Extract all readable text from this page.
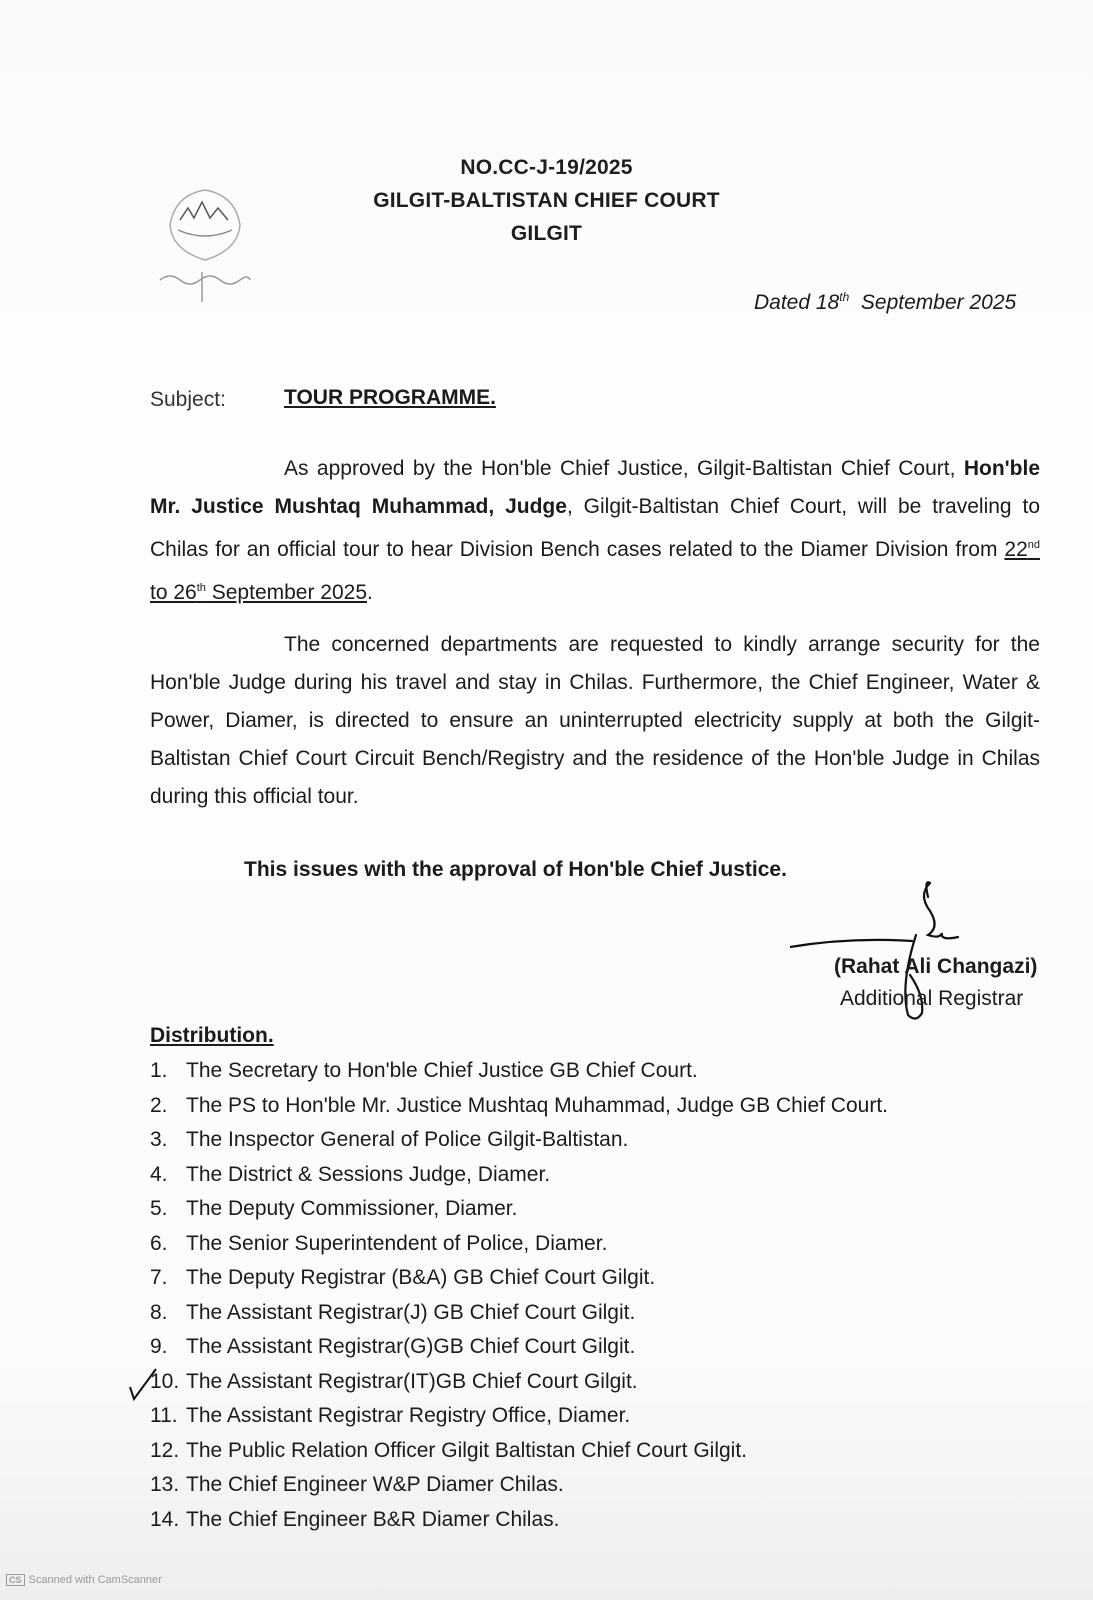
NO.CC-J-19/2025
GILGIT-BALTISTAN CHIEF COURT
GILGIT
Dated 18th September 2025
Subject:	TOUR PROGRAMME.
As approved by the Hon'ble Chief Justice, Gilgit-Baltistan Chief Court, Hon'ble Mr. Justice Mushtaq Muhammad, Judge, Gilgit-Baltistan Chief Court, will be traveling to Chilas for an official tour to hear Division Bench cases related to the Diamer Division from 22nd to 26th September 2025.
The concerned departments are requested to kindly arrange security for the Hon'ble Judge during his travel and stay in Chilas. Furthermore, the Chief Engineer, Water & Power, Diamer, is directed to ensure an uninterrupted electricity supply at both the Gilgit-Baltistan Chief Court Circuit Bench/Registry and the residence of the Hon'ble Judge in Chilas during this official tour.
This issues with the approval of Hon'ble Chief Justice.
(Rahat Ali Changazi)
Additional Registrar
Distribution.
1. The Secretary to Hon'ble Chief Justice GB Chief Court.
2. The PS to Hon'ble Mr. Justice Mushtaq Muhammad, Judge GB Chief Court.
3. The Inspector General of Police Gilgit-Baltistan.
4. The District & Sessions Judge, Diamer.
5. The Deputy Commissioner, Diamer.
6. The Senior Superintendent of Police, Diamer.
7. The Deputy Registrar (B&A) GB Chief Court Gilgit.
8. The Assistant Registrar(J) GB Chief Court Gilgit.
9. The Assistant Registrar(G)GB Chief Court Gilgit.
10. The Assistant Registrar(IT)GB Chief Court Gilgit.
11. The Assistant Registrar Registry Office, Diamer.
12. The Public Relation Officer Gilgit Baltistan Chief Court Gilgit.
13. The Chief Engineer W&P Diamer Chilas.
14. The Chief Engineer B&R Diamer Chilas.
CS Scanned with CamScanner
